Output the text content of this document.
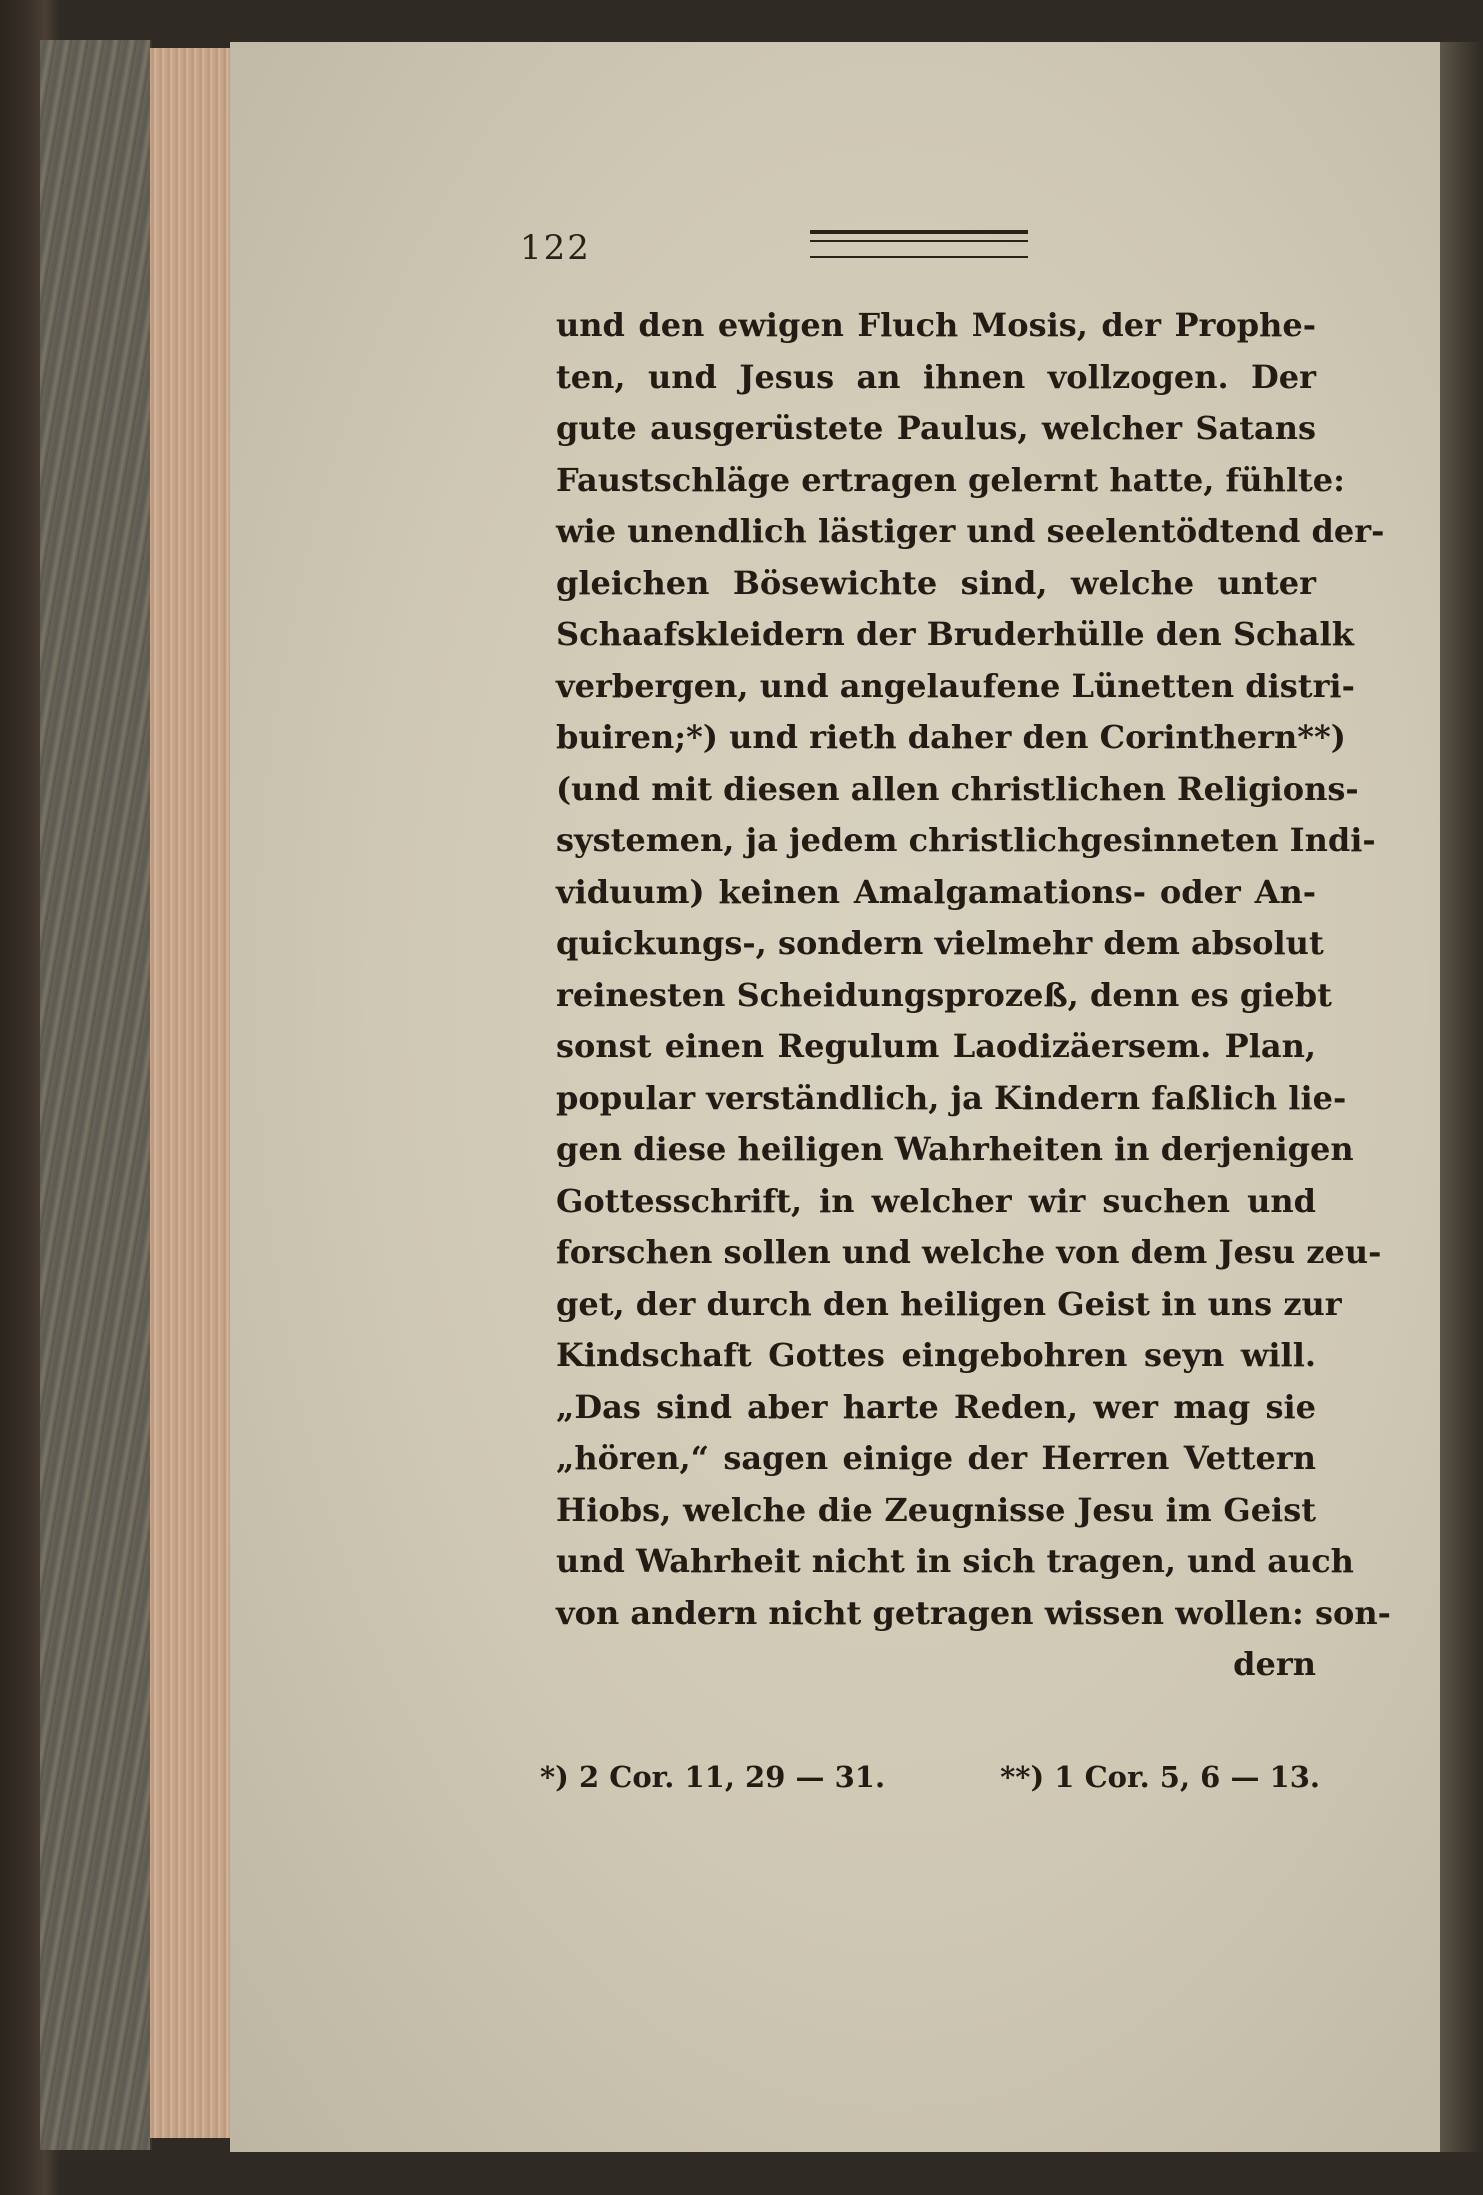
122
und den ewigen Fluch Mosis, der Prophe-
ten, und Jesus an ihnen vollzogen. Der
gute ausgerüstete Paulus, welcher Satans
Faustschläge ertragen gelernt hatte, fühlte:
wie unendlich lästiger und seelentödtend der-
gleichen Bösewichte sind, welche unter
Schaafskleidern der Bruderhülle den Schalk
verbergen, und angelaufene Lünetten distri-
buiren;*) und rieth daher den Corinthern**)
(und mit diesen allen christlichen Religions-
systemen, ja jedem christlichgesinneten Indi-
viduum) keinen Amalgamations- oder An-
quickungs-, sondern vielmehr dem absolut
reinesten Scheidungsprozeß, denn es giebt
sonst einen Regulum Laodizäersem. Plan,
popular verständlich, ja Kindern faßlich lie-
gen diese heiligen Wahrheiten in derjenigen
Gottesschrift, in welcher wir suchen und
forschen sollen und welche von dem Jesu zeu-
get, der durch den heiligen Geist in uns zur
Kindschaft Gottes eingebohren seyn will.
„Das sind aber harte Reden, wer mag sie
„hören,“ sagen einige der Herren Vettern
Hiobs, welche die Zeugnisse Jesu im Geist
und Wahrheit nicht in sich tragen, und auch
von andern nicht getragen wissen wollen: son-
dern
*) 2 Cor. 11, 29 — 31.	**) 1 Cor. 5, 6 — 13.
